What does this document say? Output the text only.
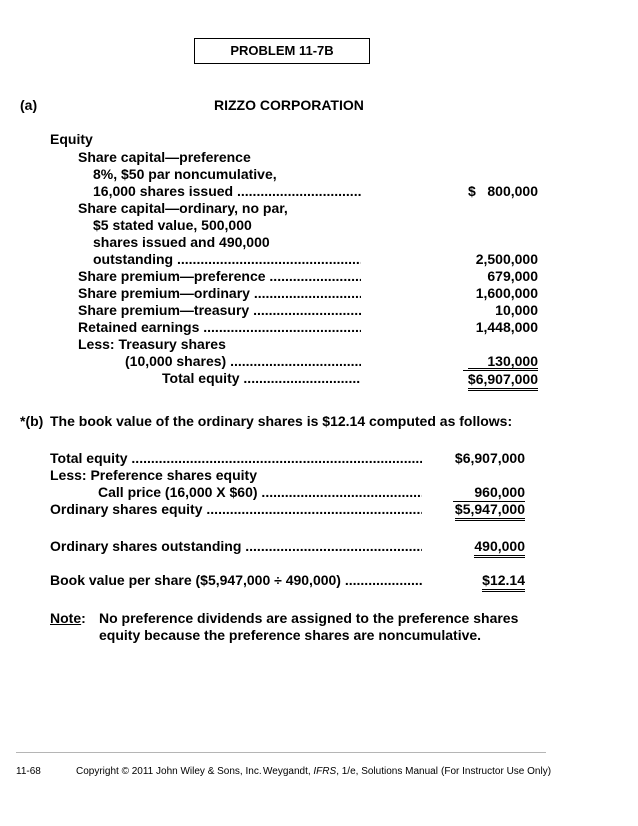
PROBLEM 11-7B
(a)	RIZZO CORPORATION
Equity
Share capital—preference
8%, $50 par noncumulative,
16,000 shares issued .....	$   800,000
Share capital—ordinary, no par,
$5 stated value, 500,000
shares issued and 490,000
outstanding .....	2,500,000
Share premium—preference .....	679,000
Share premium—ordinary .....	1,600,000
Share premium—treasury .....	10,000
Retained earnings .....	1,448,000
Less: Treasury shares
(10,000 shares) .....	130,000
Total equity .....	$6,907,000
*(b) The book value of the ordinary shares is $12.14 computed as follows:
Total equity .....	$6,907,000
Less: Preference shares equity
Call price (16,000 X $60) .....	960,000
Ordinary shares equity .....	$5,947,000
Ordinary shares outstanding .....	490,000
Book value per share ($5,947,000 ÷ 490,000) .....	$12.14
Note: No preference dividends are assigned to the preference shares
equity because the preference shares are noncumulative.
11-68	Copyright © 2011 John Wiley & Sons, Inc. Weygandt, IFRS, 1/e, Solutions Manual (For Instructor Use Only)
